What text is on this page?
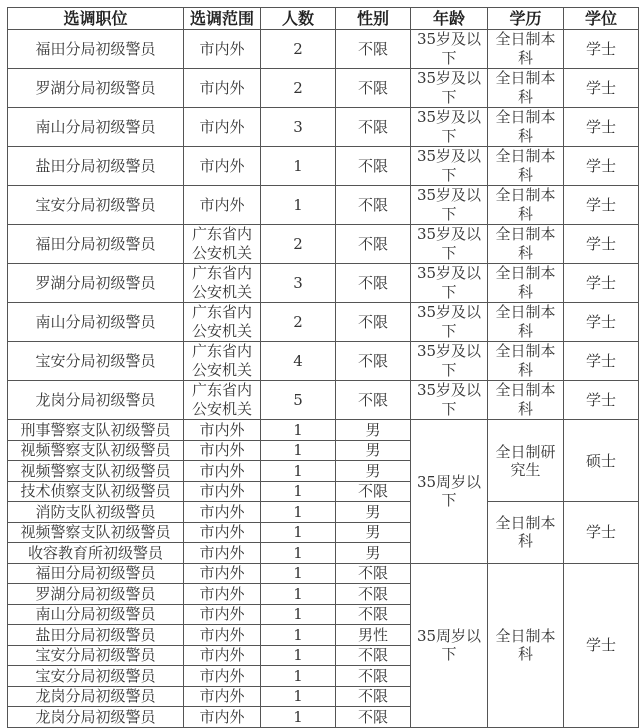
选调职位	选调范围	人数	性别	年龄	学历	学位
福田分局初级警员	市内外	2	不限	35岁及以下	全日制本科	学士
罗湖分局初级警员	市内外	2	不限	35岁及以下	全日制本科	学士
南山分局初级警员	市内外	3	不限	35岁及以下	全日制本科	学士
盐田分局初级警员	市内外	1	不限	35岁及以下	全日制本科	学士
宝安分局初级警员	市内外	1	不限	35岁及以下	全日制本科	学士
福田分局初级警员	广东省内公安机关	2	不限	35岁及以下	全日制本科	学士
罗湖分局初级警员	广东省内公安机关	3	不限	35岁及以下	全日制本科	学士
南山分局初级警员	广东省内公安机关	2	不限	35岁及以下	全日制本科	学士
宝安分局初级警员	广东省内公安机关	4	不限	35岁及以下	全日制本科	学士
龙岗分局初级警员	广东省内公安机关	5	不限	35岁及以下	全日制本科	学士
刑事警察支队初级警员	市内外	1	男	35周岁以下	全日制研究生	硕士
视频警察支队初级警员	市内外	1	男			
视频警察支队初级警员	市内外	1	男			
技术侦察支队初级警员	市内外	1	不限			
消防支队初级警员	市内外	1	男		全日制本科	学士
视频警察支队初级警员	市内外	1	男			
收容教育所初级警员	市内外	1	男			
福田分局初级警员	市内外	1	不限	35周岁以下	全日制本科	学士
罗湖分局初级警员	市内外	1	不限			
南山分局初级警员	市内外	1	不限			
盐田分局初级警员	市内外	1	男性			
宝安分局初级警员	市内外	1	不限			
宝安分局初级警员	市内外	1	不限			
龙岗分局初级警员	市内外	1	不限			
龙岗分局初级警员	市内外	1	不限			
